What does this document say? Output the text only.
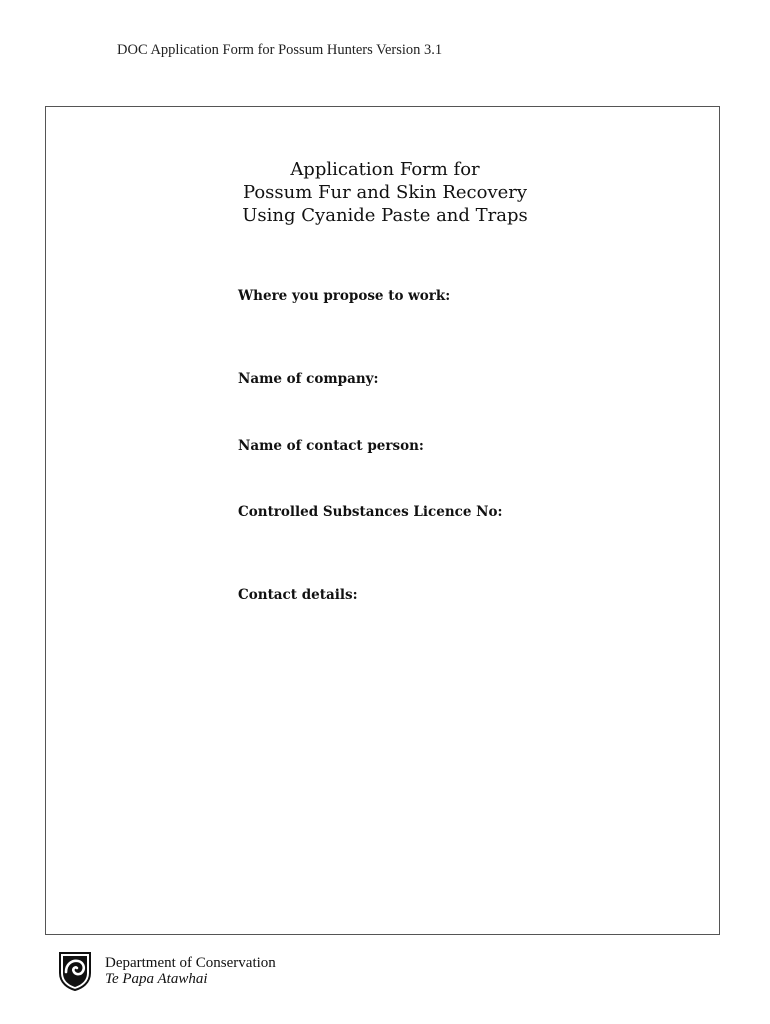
DOC Application Form for Possum Hunters Version 3.1
Application Form for
Possum Fur and Skin Recovery
Using Cyanide Paste and Traps
Where you propose to work:
Name of company:
Name of contact person:
Controlled Substances Licence No:
Contact details:
Department of Conservation
Te Papa Atawhai
